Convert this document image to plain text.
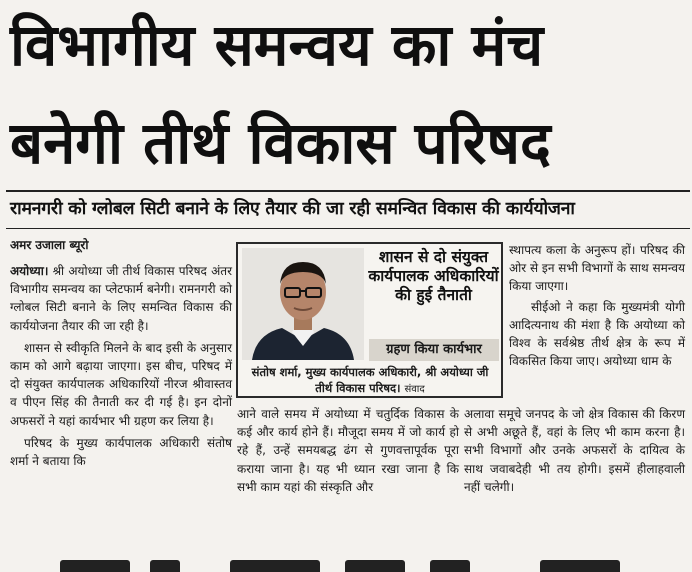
विभागीय समन्वय का मंच
बनेगी तीर्थ विकास परिषद
रामनगरी को ग्लोबल सिटी बनाने के लिए तैयार की जा रही समन्वित विकास की कार्ययोजना
अमर उजाला ब्यूरो

अयोध्या। श्री अयोध्या जी तीर्थ विकास परिषद अंतर विभागीय समन्वय का प्लेटफार्म बनेगी। रामनगरी को ग्लोबल सिटी बनाने के लिए समन्वित विकास की कार्ययोजना तैयार की जा रही है।

शासन से स्वीकृति मिलने के बाद इसी के अनुसार काम को आगे बढ़ाया जाएगा। इस बीच, परिषद में दो संयुक्त कार्यपालक अधिकारियों नीरज श्रीवास्तव व पीएन सिंह की तैनाती कर दी गई है। इन दोनों अफसरों ने यहां कार्यभार भी ग्रहण कर लिया है।

परिषद के मुख्य कार्यपालक अधिकारी संतोष शर्मा ने बताया कि

शासन से दो संयुक्त कार्यपालक अधिकारियों की हुई तैनाती
ग्रहण किया कार्यभार
संतोष शर्मा, मुख्य कार्यपालक अधिकारी, श्री अयोध्या जी तीर्थ विकास परिषद। संवाद

स्थापत्य कला के अनुरूप हों। परिषद की ओर से इन सभी विभागों के साथ समन्वय किया जाएगा।

सीईओ ने कहा कि मुख्यमंत्री योगी आदित्यनाथ की मंशा है कि अयोध्या को विश्व के सर्वश्रेष्ठ तीर्थ क्षेत्र के रूप में विकसित किया जाए। अयोध्या धाम के

आने वाले समय में अयोध्या में चतुर्दिक विकास के कई और कार्य होने हैं। मौजूदा समय में जो कार्य हो रहे हैं, उन्हें समयबद्ध ढंग से गुणवत्तापूर्वक पूरा कराया जाना है। यह भी ध्यान रखा जाना है कि सभी काम यहां की संस्कृति और

अलावा समूचे जनपद के जो क्षेत्र विकास की किरण से अभी अछूते हैं, वहां के लिए भी काम करना है। सभी विभागों और उनके अफसरों के दायित्व के साथ जवाबदेही भी तय होगी। इसमें हीलाहवाली नहीं चलेगी।
